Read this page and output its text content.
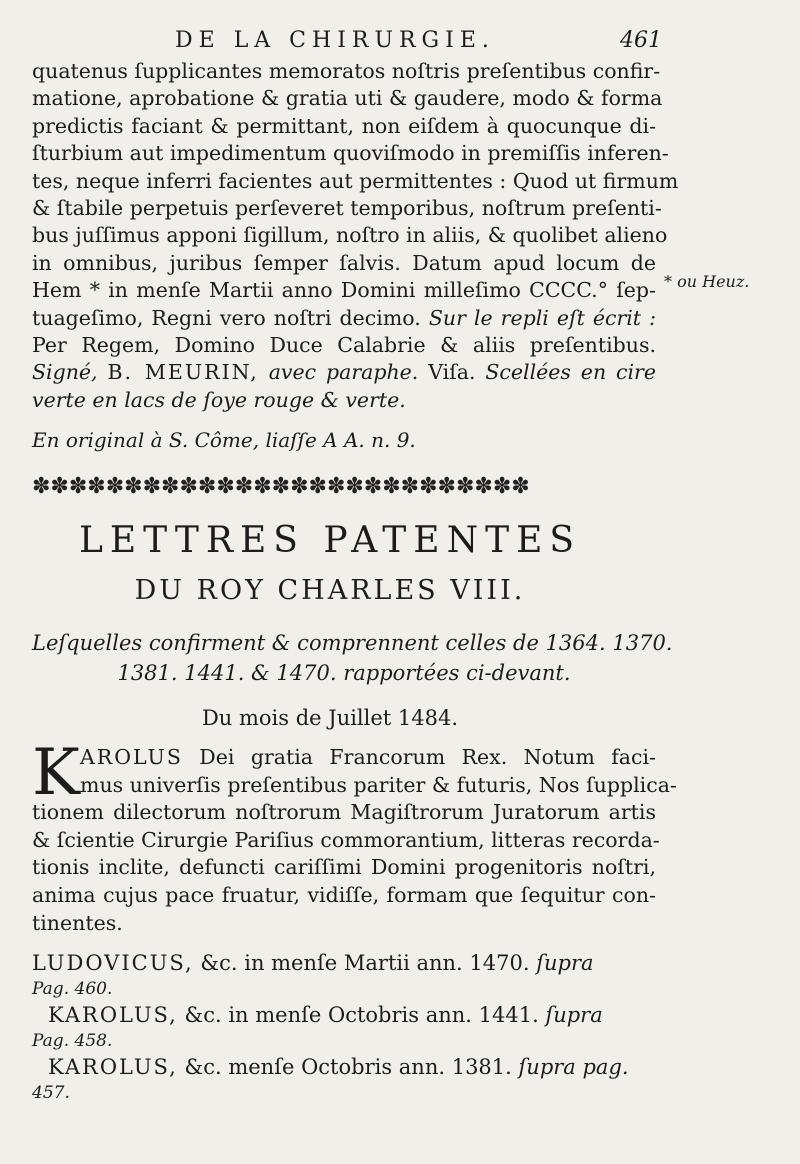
DE LA CHIRURGIE.	461
quatenus ſupplicantes memoratos noſtris preſentibus confir-
matione, aprobatione & gratia uti & gaudere, modo & forma
predictis faciant & permittant, non eiſdem à quocunque di-
ſturbium aut impedimentum quoviſmodo in premiſſis inferen-
tes, neque inferri facientes aut permittentes : Quod ut firmum
& ſtabile perpetuis perſeveret temporibus, noſtrum preſenti-
bus juſſimus apponi ſigillum, noſtro in aliis, & quolibet alieno
in omnibus, juribus ſemper ſalvis. Datum apud locum de
Hem * in menſe Martii anno Domini milleſimo CCCC.° ſep-
tuageſimo, Regni vero noſtri decimo. Sur le repli eſt écrit :
Per Regem, Domino Duce Calabrie & aliis preſentibus.
Signé, B. MEURIN, avec paraphe. Viſa. Scellées en cire
verte en lacs de ſoye rouge & verte.
* ou Heuz.
En original à S. Côme, liaſſe A A. n. 9.
✽✽✽✽✽✽✽✽✽✽✽✽✽✽✽✽✽✽✽✽✽✽✽✽✽✽✽
LETTRES PATENTES
DU ROY CHARLES VIII.
Leſquelles confirment & comprennent celles de 1364. 1370.
1381. 1441. & 1470. rapportées ci-devant.
Du mois de Juillet 1484.
K AROLUS Dei gratia Francorum Rex. Notum faci-
mus univerſis preſentibus pariter & futuris, Nos ſupplica-
tionem dilectorum noſtrorum Magiſtrorum Juratorum artis
& ſcientie Cirurgie Pariſius commorantium, litteras recorda-
tionis inclite, defuncti cariſſimi Domini progenitoris noſtri,
anima cujus pace fruatur, vidiſſe, formam que ſequitur con-
tinentes.
LUDOVICUS, &c. in menſe Martii ann. 1470. ſupra
Pag. 460.
KAROLUS, &c. in menſe Octobris ann. 1441. ſupra
Pag. 458.
KAROLUS, &c. menſe Octobris ann. 1381. ſupra pag.
457.
